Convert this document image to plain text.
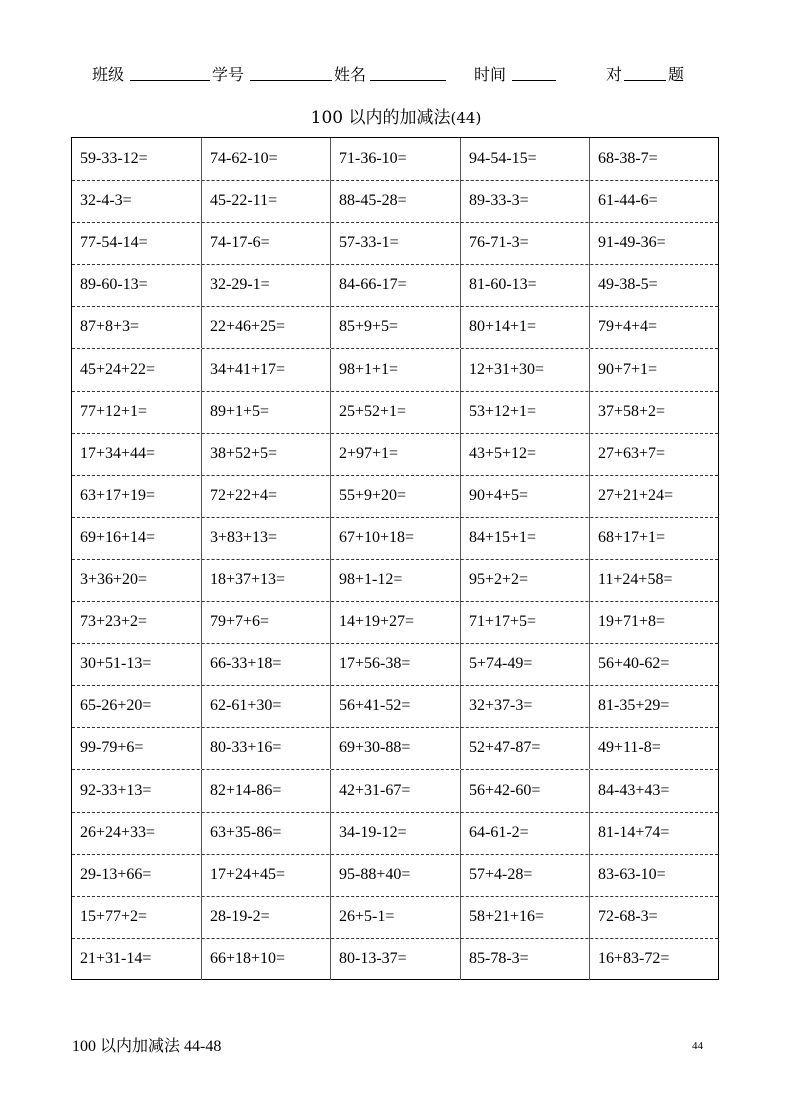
班级	学号	姓名	时间	对	题
100 以内的加减法(44)
59-33-12=	74-62-10=	71-36-10=	94-54-15=	68-38-7=
32-4-3=	45-22-11=	88-45-28=	89-33-3=	61-44-6=
77-54-14=	74-17-6=	57-33-1=	76-71-3=	91-49-36=
89-60-13=	32-29-1=	84-66-17=	81-60-13=	49-38-5=
87+8+3=	22+46+25=	85+9+5=	80+14+1=	79+4+4=
45+24+22=	34+41+17=	98+1+1=	12+31+30=	90+7+1=
77+12+1=	89+1+5=	25+52+1=	53+12+1=	37+58+2=
17+34+44=	38+52+5=	2+97+1=	43+5+12=	27+63+7=
63+17+19=	72+22+4=	55+9+20=	90+4+5=	27+21+24=
69+16+14=	3+83+13=	67+10+18=	84+15+1=	68+17+1=
3+36+20=	18+37+13=	98+1-12=	95+2+2=	11+24+58=
73+23+2=	79+7+6=	14+19+27=	71+17+5=	19+71+8=
30+51-13=	66-33+18=	17+56-38=	5+74-49=	56+40-62=
65-26+20=	62-61+30=	56+41-52=	32+37-3=	81-35+29=
99-79+6=	80-33+16=	69+30-88=	52+47-87=	49+11-8=
92-33+13=	82+14-86=	42+31-67=	56+42-60=	84-43+43=
26+24+33=	63+35-86=	34-19-12=	64-61-2=	81-14+74=
29-13+66=	17+24+45=	95-88+40=	57+4-28=	83-63-10=
15+77+2=	28-19-2=	26+5-1=	58+21+16=	72-68-3=
21+31-14=	66+18+10=	80-13-37=	85-78-3=	16+83-72=
100 以内加减法 44-48	44
